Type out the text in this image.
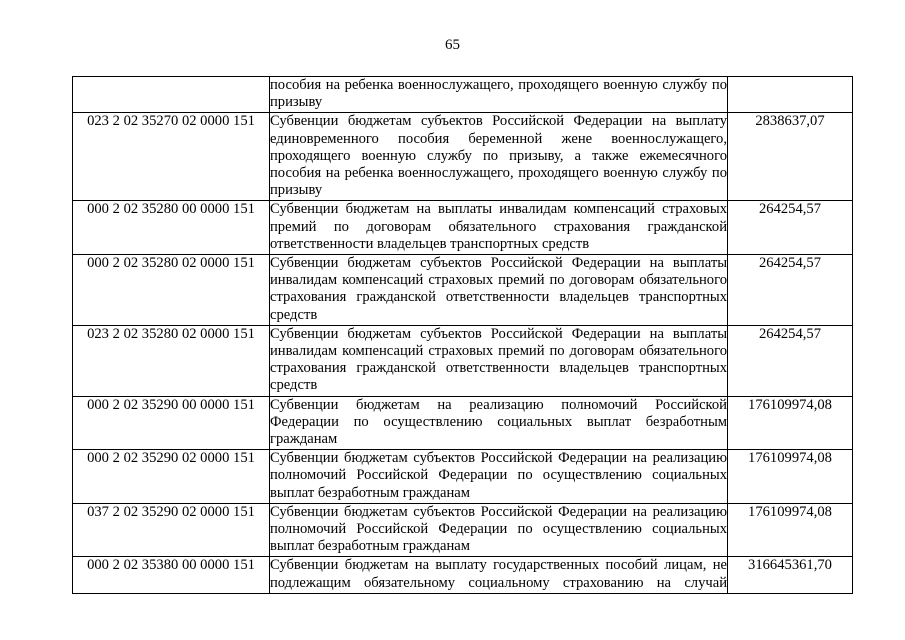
65
	пособия на ребенка военнослужащего, проходящего военную службу по призыву	
023 2 02 35270 02 0000 151	Субвенции бюджетам субъектов Российской Федерации на выплату единовременного пособия беременной жене военнослужащего, проходящего военную службу по призыву, а также ежемесячного пособия на ребенка военнослужащего, проходящего военную службу по призыву	2838637,07
000 2 02 35280 00 0000 151	Субвенции бюджетам на выплаты инвалидам компенсаций страховых премий по договорам обязательного страхования гражданской ответственности владельцев транспортных средств	264254,57
000 2 02 35280 02 0000 151	Субвенции бюджетам субъектов Российской Федерации на выплаты инвалидам компенсаций страховых премий по договорам обязательного страхования гражданской ответственности владельцев транспортных средств	264254,57
023 2 02 35280 02 0000 151	Субвенции бюджетам субъектов Российской Федерации на выплаты инвалидам компенсаций страховых премий по договорам обязательного страхования гражданской ответственности владельцев транспортных средств	264254,57
000 2 02 35290 00 0000 151	Субвенции бюджетам на реализацию полномочий Российской Федерации по осуществлению социальных выплат безработным гражданам	176109974,08
000 2 02 35290 02 0000 151	Субвенции бюджетам субъектов Российской Федерации на реализацию полномочий Российской Федерации по осуществлению социальных выплат безработным гражданам	176109974,08
037 2 02 35290 02 0000 151	Субвенции бюджетам субъектов Российской Федерации на реализацию полномочий Российской Федерации по осуществлению социальных выплат безработным гражданам	176109974,08
000 2 02 35380 00 0000 151	Субвенции бюджетам на выплату государственных пособий лицам, не подлежащим обязательному социальному страхованию на случай	316645361,70
